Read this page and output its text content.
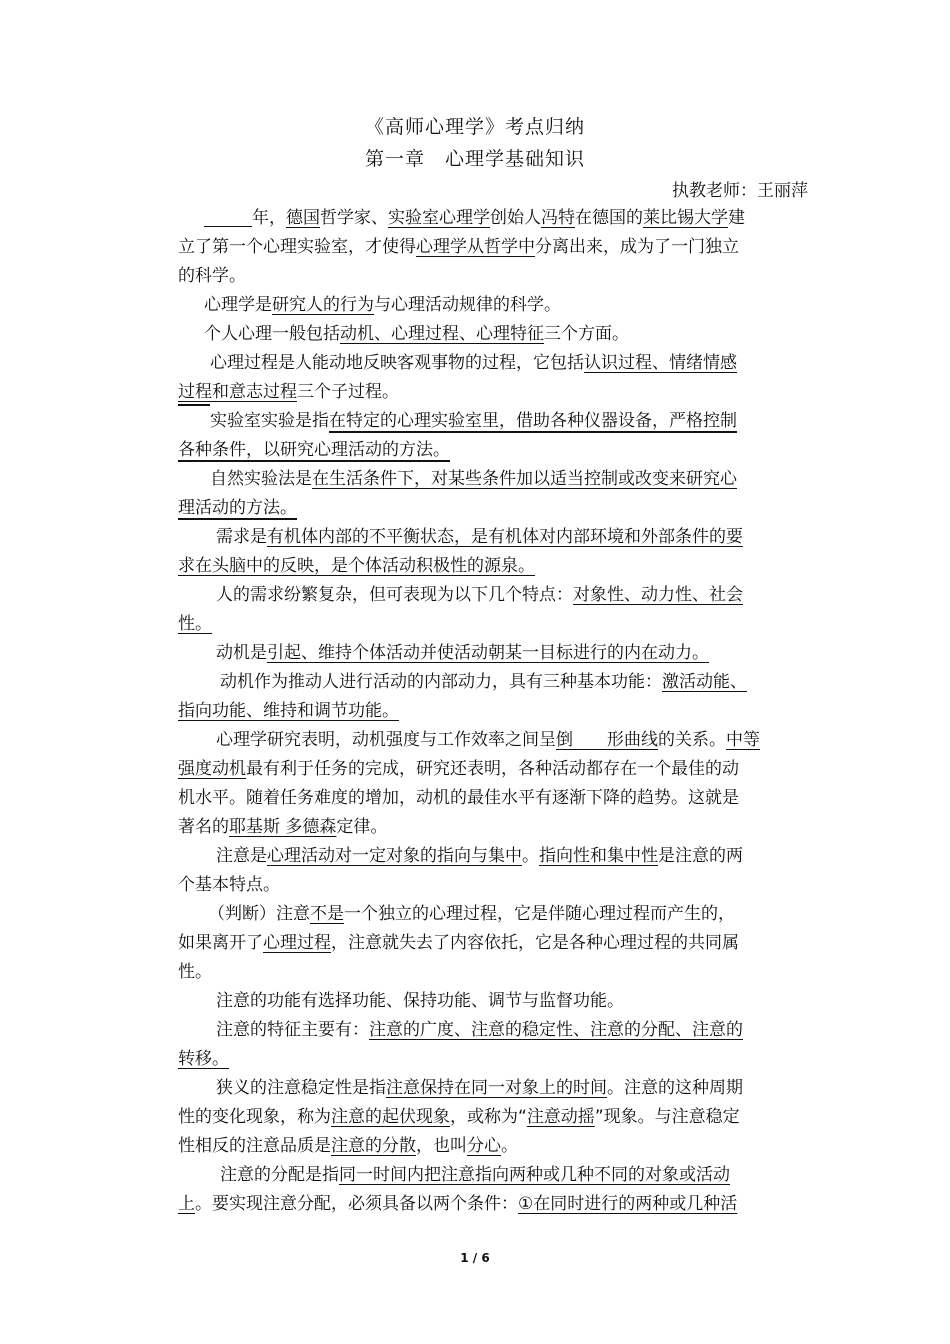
《高师心理学》考点归纳
第一章　心理学基础知识
执教老师：王丽萍
年，德国哲学家、实验室心理学创始人冯特在德国的莱比锡大学建
立了第一个心理实验室，才使得心理学从哲学中分离出来，成为了一门独立
的科学。
心理学是研究人的行为与心理活动规律的科学。
个人心理一般包括动机、心理过程、心理特征三个方面。
心理过程是人能动地反映客观事物的过程，它包括认识过程、情绪情感
过程和意志过程三个子过程。
实验室实验是指在特定的心理实验室里，借助各种仪器设备，严格控制
各种条件，以研究心理活动的方法。
自然实验法是在生活条件下，对某些条件加以适当控制或改变来研究心
理活动的方法。
需求是有机体内部的不平衡状态，是有机体对内部环境和外部条件的要
求在头脑中的反映，是个体活动积极性的源泉。
人的需求纷繁复杂，但可表现为以下几个特点：对象性、动力性、社会
性。
动机是引起、维持个体活动并使活动朝某一目标进行的内在动力。
动机作为推动人进行活动的内部动力，具有三种基本功能：激活动能、
指向功能、维持和调节功能。
心理学研究表明，动机强度与工作效率之间呈倒　　形曲线的关系。中等
强度动机最有利于任务的完成，研究还表明，各种活动都存在一个最佳的动
机水平。随着任务难度的增加，动机的最佳水平有逐渐下降的趋势。这就是
著名的耶基斯 多德森定律。
注意是心理活动对一定对象的指向与集中。指向性和集中性是注意的两
个基本特点。
（判断）注意不是一个独立的心理过程，它是伴随心理过程而产生的，
如果离开了心理过程，注意就失去了内容依托，它是各种心理过程的共同属
性。
注意的功能有选择功能、保持功能、调节与监督功能。
注意的特征主要有：注意的广度、注意的稳定性、注意的分配、注意的
转移。
狭义的注意稳定性是指注意保持在同一对象上的时间。注意的这种周期
性的变化现象，称为注意的起伏现象，或称为“注意动摇”现象。与注意稳定
性相反的注意品质是注意的分散，也叫分心。
注意的分配是指同一时间内把注意指向两种或几种不同的对象或活动
上。要实现注意分配，必须具备以两个条件：①在同时进行的两种或几种活
1 / 6
